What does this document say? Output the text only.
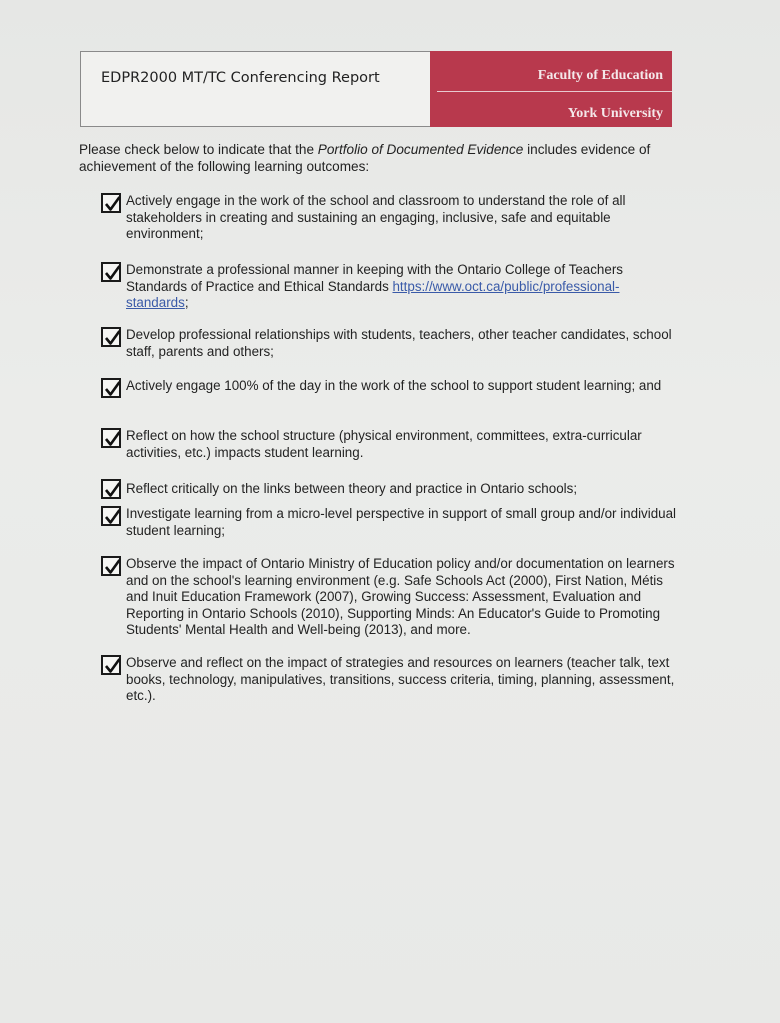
EDPR2000 MT/TC Conferencing Report	Faculty of Education
York University
Please check below to indicate that the Portfolio of Documented Evidence includes evidence of achievement of the following learning outcomes:
Actively engage in the work of the school and classroom to understand the role of all stakeholders in creating and sustaining an engaging, inclusive, safe and equitable environment;
Demonstrate a professional manner in keeping with the Ontario College of Teachers Standards of Practice and Ethical Standards https://www.oct.ca/public/professional-standards;
Develop professional relationships with students, teachers, other teacher candidates, school staff, parents and others;
Actively engage 100% of the day in the work of the school to support student learning; and
Reflect on how the school structure (physical environment, committees, extra-curricular activities, etc.) impacts student learning.
Reflect critically on the links between theory and practice in Ontario schools;
Investigate learning from a micro-level perspective in support of small group and/or individual student learning;
Observe the impact of Ontario Ministry of Education policy and/or documentation on learners and on the school's learning environment (e.g. Safe Schools Act (2000), First Nation, Métis and Inuit Education Framework (2007), Growing Success: Assessment, Evaluation and Reporting in Ontario Schools (2010), Supporting Minds: An Educator's Guide to Promoting Students' Mental Health and Well-being (2013), and more.
Observe and reflect on the impact of strategies and resources on learners (teacher talk, text books, technology, manipulatives, transitions, success criteria, timing, planning, assessment, etc.).
